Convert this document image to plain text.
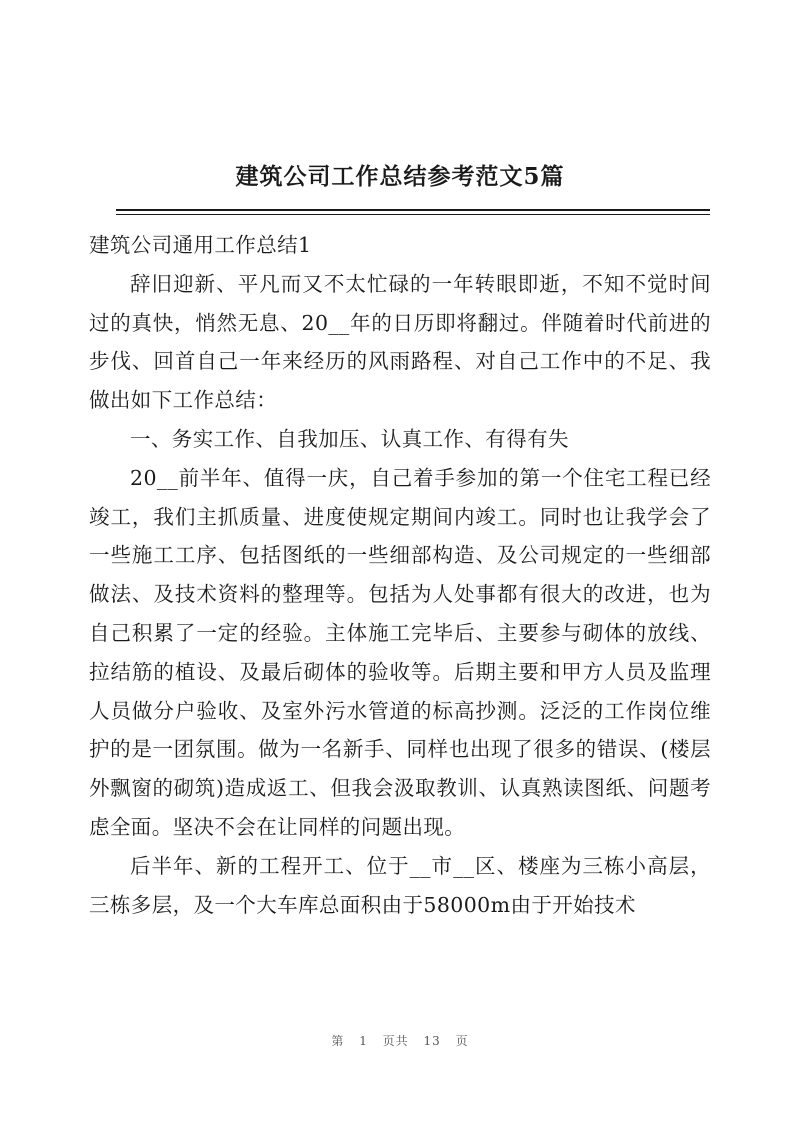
建筑公司工作总结参考范文5篇

建筑公司通用工作总结1

辞旧迎新、平凡而又不太忙碌的一年转眼即逝，不知不觉时间过的真快，悄然无息、20__年的日历即将翻过。伴随着时代前进的步伐、回首自己一年来经历的风雨路程、对自己工作中的不足、我做出如下工作总结：

一、务实工作、自我加压、认真工作、有得有失

20__前半年、值得一庆，自己着手参加的第一个住宅工程已经竣工，我们主抓质量、进度使规定期间内竣工。同时也让我学会了一些施工工序、包括图纸的一些细部构造、及公司规定的一些细部做法、及技术资料的整理等。包括为人处事都有很大的改进，也为自己积累了一定的经验。主体施工完毕后、主要参与砌体的放线、拉结筋的植设、及最后砌体的验收等。后期主要和甲方人员及监理人员做分户验收、及室外污水管道的标高抄测。泛泛的工作岗位维护的是一团氛围。做为一名新手、同样也出现了很多的错误、(楼层外飘窗的砌筑)造成返工、但我会汲取教训、认真熟读图纸、问题考虑全面。坚决不会在让同样的问题出现。

后半年、新的工程开工、位于__市__区、楼座为三栋小高层，三栋多层，及一个大车库总面积由于58000m由于开始技术

第 1 页共 13 页
